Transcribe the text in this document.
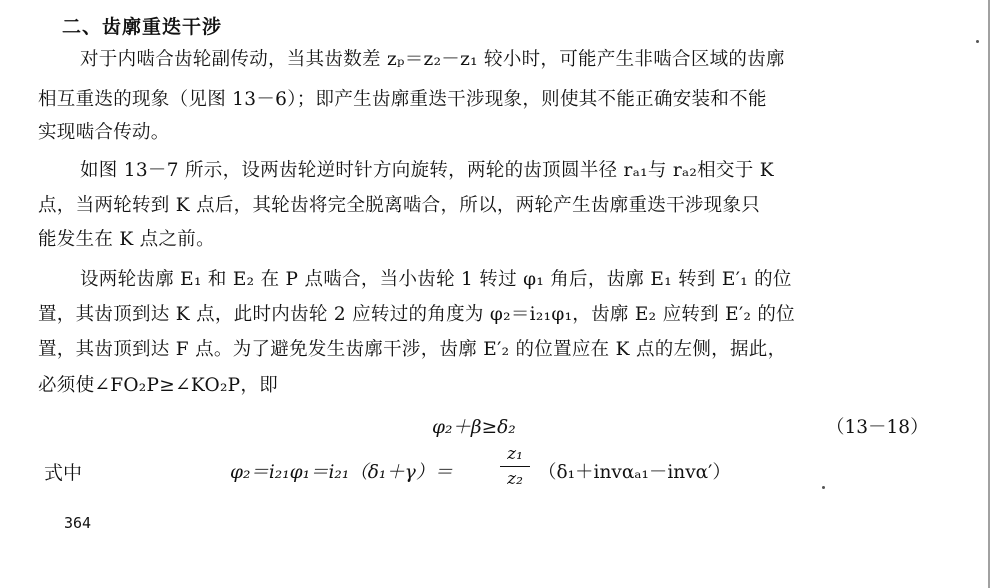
二、齿廓重迭干涉
对于内啮合齿轮副传动，当其齿数差 zₚ＝z₂－z₁ 较小时，可能产生非啮合区域的齿廓
相互重迭的现象（见图 13－6）；即产生齿廓重迭干涉现象，则使其不能正确安装和不能
实现啮合传动。
如图 13－7 所示，设两齿轮逆时针方向旋转，两轮的齿顶圆半径 rₐ₁与 rₐ₂相交于 K
点，当两轮转到 K 点后，其轮齿将完全脱离啮合，所以，两轮产生齿廓重迭干涉现象只
能发生在 K 点之前。
设两轮齿廓 E₁ 和 E₂ 在 P 点啮合，当小齿轮 1 转过 φ₁ 角后，齿廓 E₁ 转到 E′₁ 的位
置，其齿顶到达 K 点，此时内齿轮 2 应转过的角度为 φ₂＝i₂₁φ₁，齿廓 E₂ 应转到 E′₂ 的位
置，其齿顶到达 F 点。为了避免发生齿廓干涉，齿廓 E′₂ 的位置应在 K 点的左侧，据此，
必须使∠FO₂P≥∠KO₂P，即
φ₂＋β≥δ₂	（13－18）
式中	φ₂＝i₂₁φ₁＝i₂₁（δ₁＋γ）＝
z₁
z₂ （δ₁＋invαₐ₁－invα′）
364
